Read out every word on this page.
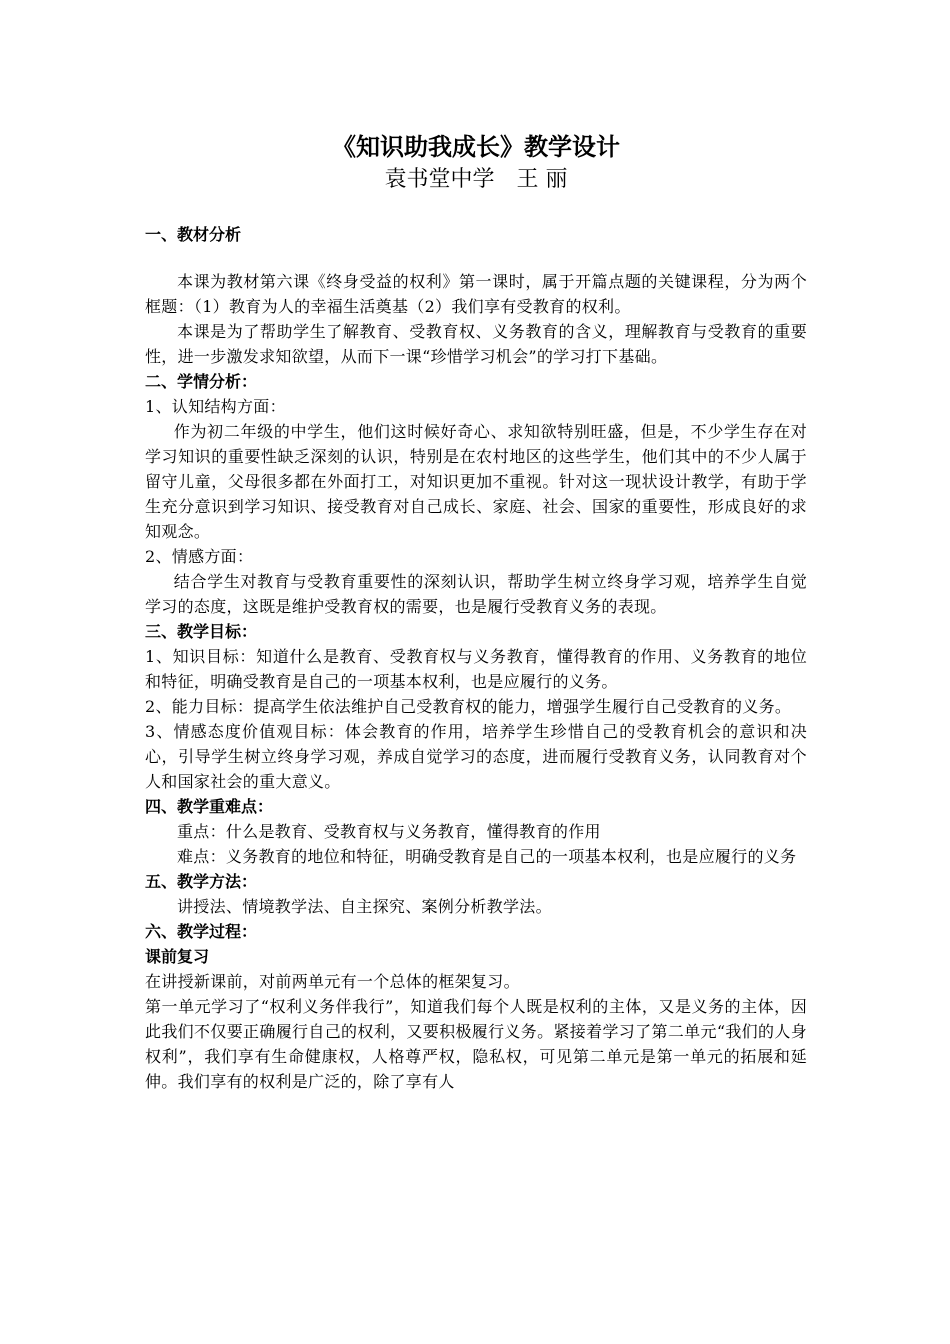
《知识助我成长》教学设计

袁书堂中学　王 丽

一、教材分析

本课为教材第六课《终身受益的权利》第一课时，属于开篇点题的关键课程，分为两个框题：（1）教育为人的幸福生活奠基（2）我们享有受教育的权利。

本课是为了帮助学生了解教育、受教育权、义务教育的含义，理解教育与受教育的重要性，进一步激发求知欲望，从而下一课“珍惜学习机会”的学习打下基础。

二、学情分析：

1、认知结构方面：

作为初二年级的中学生，他们这时候好奇心、求知欲特别旺盛，但是，不少学生存在对学习知识的重要性缺乏深刻的认识，特别是在农村地区的这些学生，他们其中的不少人属于留守儿童，父母很多都在外面打工，对知识更加不重视。针对这一现状设计教学，有助于学生充分意识到学习知识、接受教育对自己成长、家庭、社会、国家的重要性，形成良好的求知观念。

2、情感方面：

结合学生对教育与受教育重要性的深刻认识，帮助学生树立终身学习观，培养学生自觉学习的态度，这既是维护受教育权的需要，也是履行受教育义务的表现。

三、教学目标：

1、知识目标：知道什么是教育、受教育权与义务教育，懂得教育的作用、义务教育的地位和特征，明确受教育是自己的一项基本权利，也是应履行的义务。

2、能力目标：提高学生依法维护自己受教育权的能力，增强学生履行自己受教育的义务。

3、情感态度价值观目标：体会教育的作用，培养学生珍惜自己的受教育机会的意识和决心，引导学生树立终身学习观，养成自觉学习的态度，进而履行受教育义务，认同教育对个人和国家社会的重大意义。

四、教学重难点：

重点：什么是教育、受教育权与义务教育，懂得教育的作用

难点：义务教育的地位和特征，明确受教育是自己的一项基本权利，也是应履行的义务

五、教学方法：

讲授法、情境教学法、自主探究、案例分析教学法。

六、教学过程：

课前复习

在讲授新课前，对前两单元有一个总体的框架复习。

第一单元学习了“权利义务伴我行”，知道我们每个人既是权利的主体，又是义务的主体，因此我们不仅要正确履行自己的权利，又要积极履行义务。紧接着学习了第二单元“我们的人身权利”，我们享有生命健康权，人格尊严权，隐私权，可见第二单元是第一单元的拓展和延伸。我们享有的权利是广泛的，除了享有人
